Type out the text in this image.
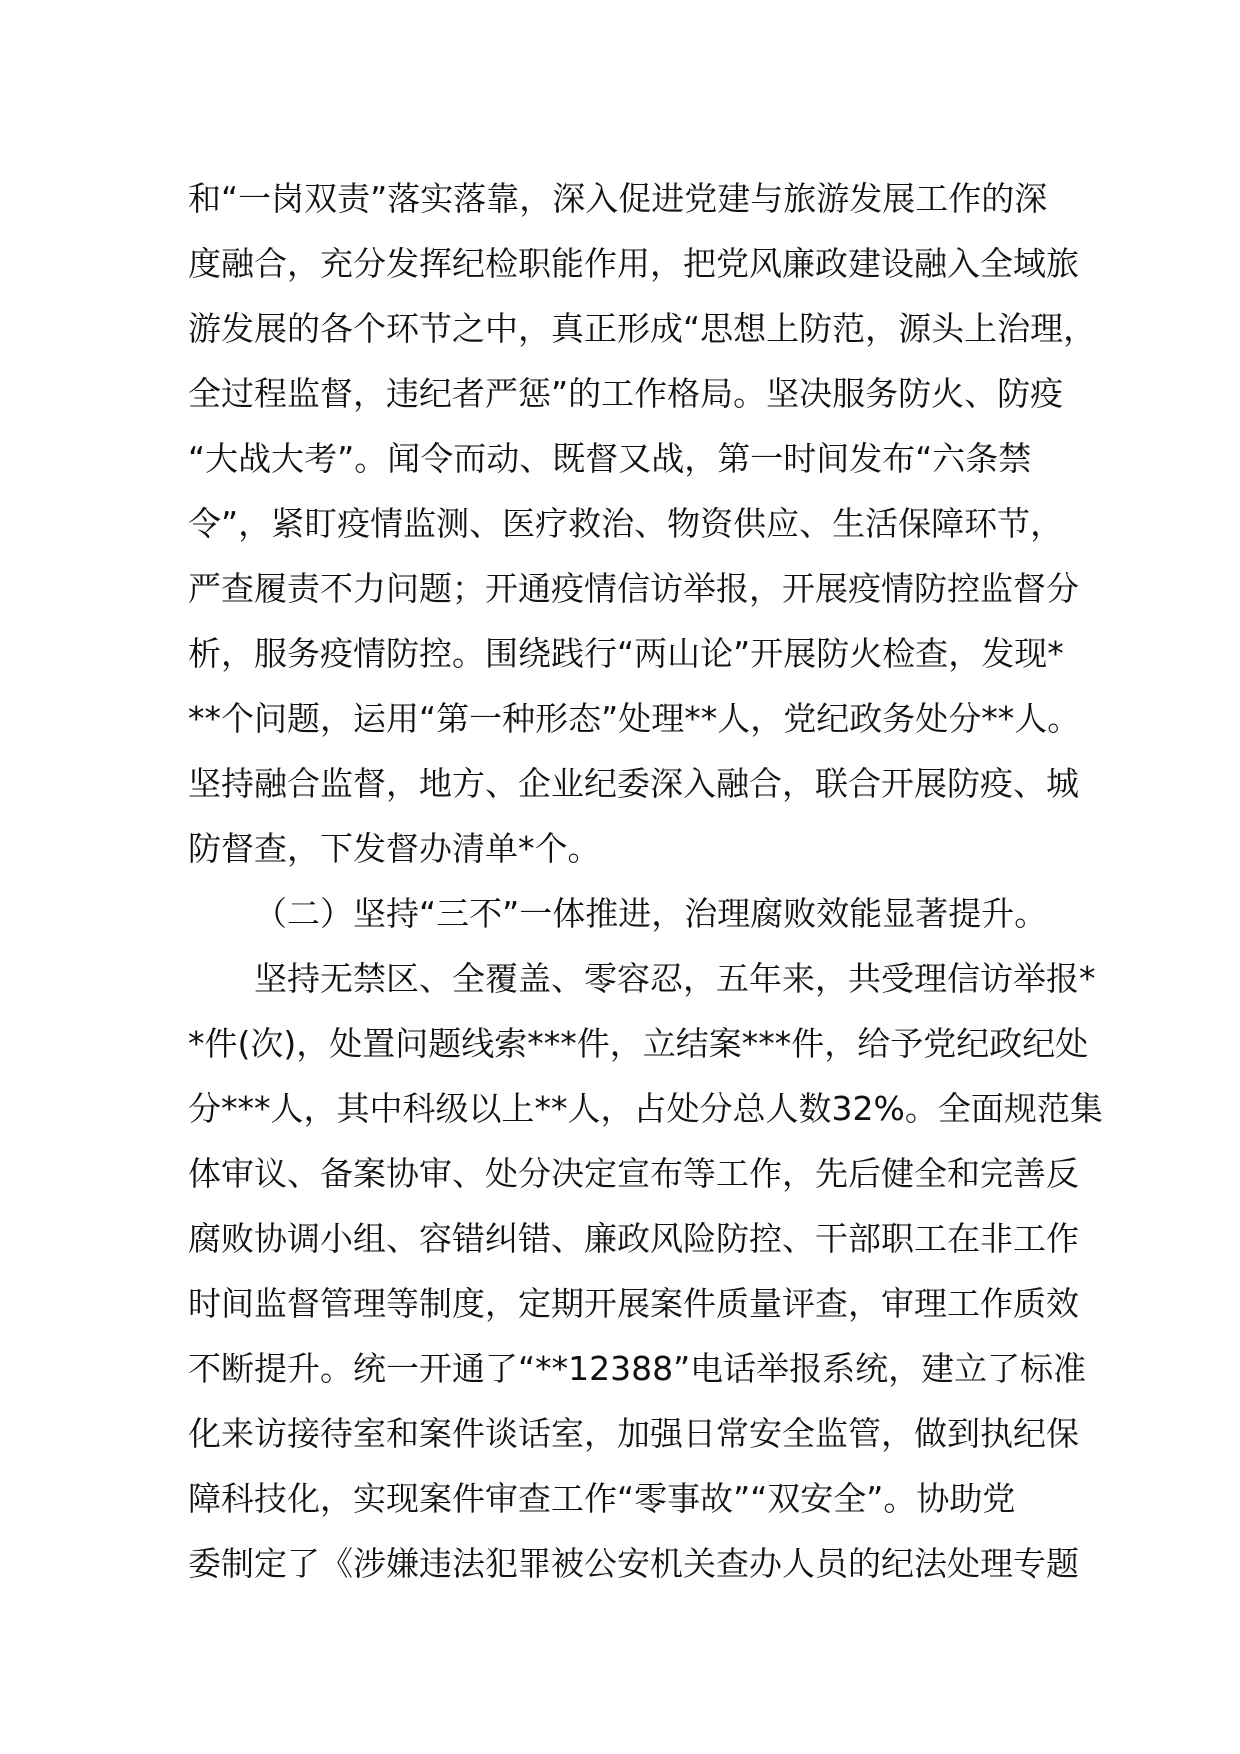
和“一岗双责”落实落靠，深入促进党建与旅游发展工作的深
度融合，充分发挥纪检职能作用，把党风廉政建设融入全域旅
游发展的各个环节之中，真正形成“思想上防范，源头上治理，
全过程监督，违纪者严惩”的工作格局。坚决服务防火、防疫
“大战大考”。闻令而动、既督又战，第一时间发布“六条禁
令”，紧盯疫情监测、医疗救治、物资供应、生活保障环节，
严查履责不力问题；开通疫情信访举报，开展疫情防控监督分
析，服务疫情防控。围绕践行“两山论”开展防火检查，发现*
**个问题，运用“第一种形态”处理**人，党纪政务处分**人。
坚持融合监督，地方、企业纪委深入融合，联合开展防疫、城
防督查，下发督办清单*个。
（二）坚持“三不”一体推进，治理腐败效能显著提升。
坚持无禁区、全覆盖、零容忍，五年来，共受理信访举报*
*件(次)，处置问题线索***件，立结案***件，给予党纪政纪处
分***人，其中科级以上**人，占处分总人数32%。全面规范集
体审议、备案协审、处分决定宣布等工作，先后健全和完善反
腐败协调小组、容错纠错、廉政风险防控、干部职工在非工作
时间监督管理等制度，定期开展案件质量评查，审理工作质效
不断提升。统一开通了“**12388”电话举报系统，建立了标准
化来访接待室和案件谈话室，加强日常安全监管，做到执纪保
障科技化，实现案件审查工作“零事故”“双安全”。协助党
委制定了《涉嫌违法犯罪被公安机关查办人员的纪法处理专题
